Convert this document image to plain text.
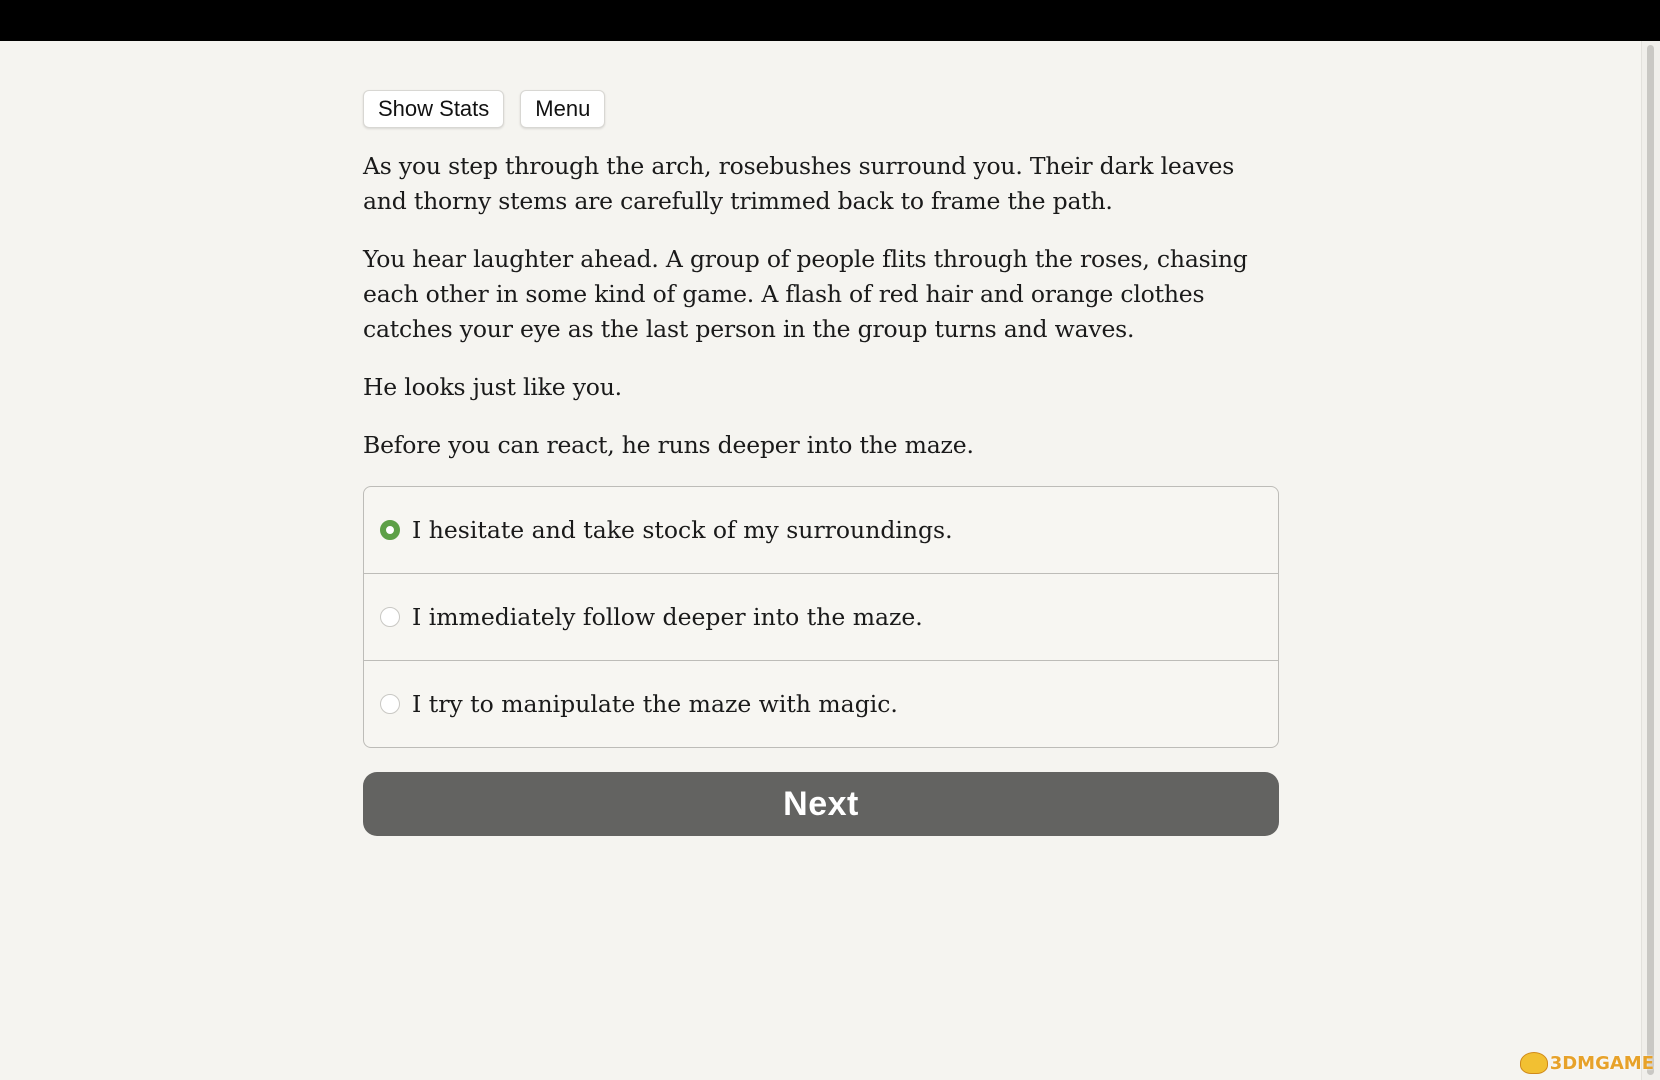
Show Stats	Menu

As you step through the arch, rosebushes surround you. Their dark leaves and thorny stems are carefully trimmed back to frame the path.

You hear laughter ahead. A group of people flits through the roses, chasing each other in some kind of game. A flash of red hair and orange clothes catches your eye as the last person in the group turns and waves.

He looks just like you.

Before you can react, he runs deeper into the maze.

I hesitate and take stock of my surroundings.
I immediately follow deeper into the maze.
I try to manipulate the maze with magic.
Next
3DMGAME
